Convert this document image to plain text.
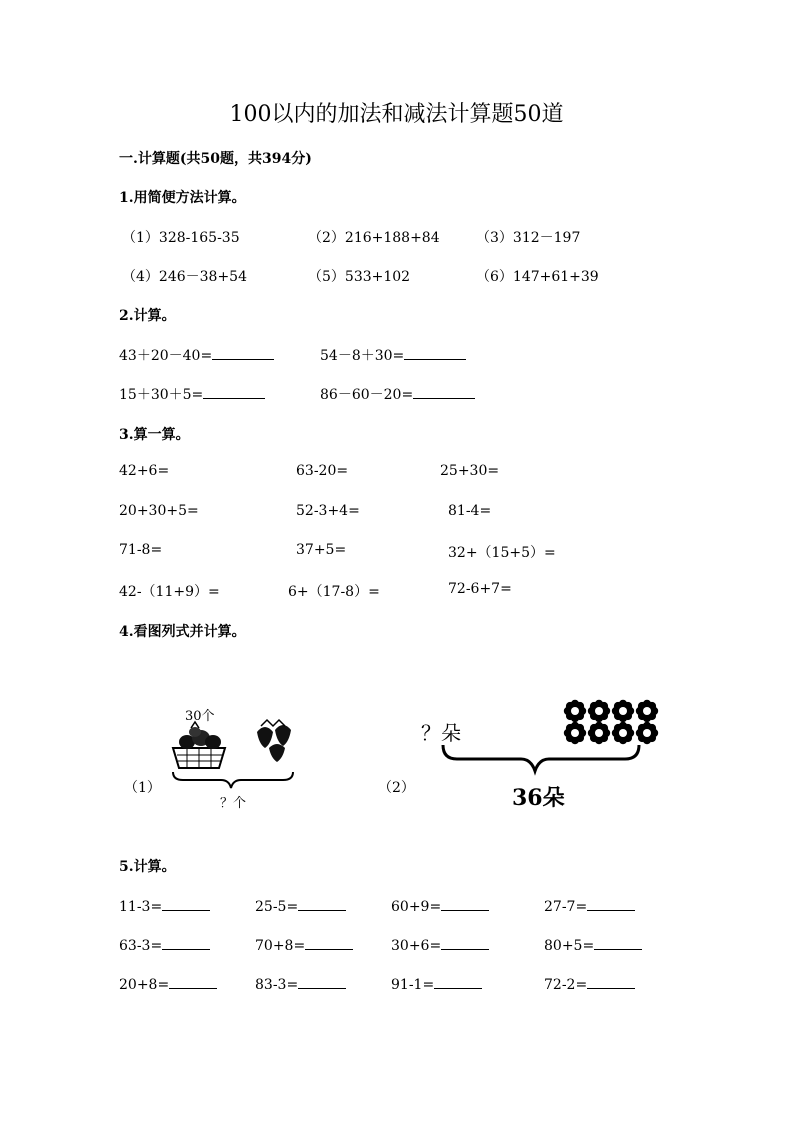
100以内的加法和减法计算题50道
一.计算题(共50题，共394分)
1.用简便方法计算。
（1）328-165-35	（2）216+188+84	（3）312－197
（4）246－38+54	（5）533+102	（6）147+61+39
2.计算。
43＋20－40=	54－8＋30=
15＋30＋5=	86－60－20=
3.算一算。
42+6=	63-20=	25+30=
20+30+5=	52-3+4=	81-4=
71-8=	37+5=	32+（15+5）=
42-（11+9）=	6+（17-8）=	72-6+7=
4.看图列式并计算。
（1）
30个
？个
（2）
？朵
36朵
5.计算。
11-3=	25-5=	60+9=	27-7=
63-3=	70+8=	30+6=	80+5=
20+8=	83-3=	91-1=	72-2=
